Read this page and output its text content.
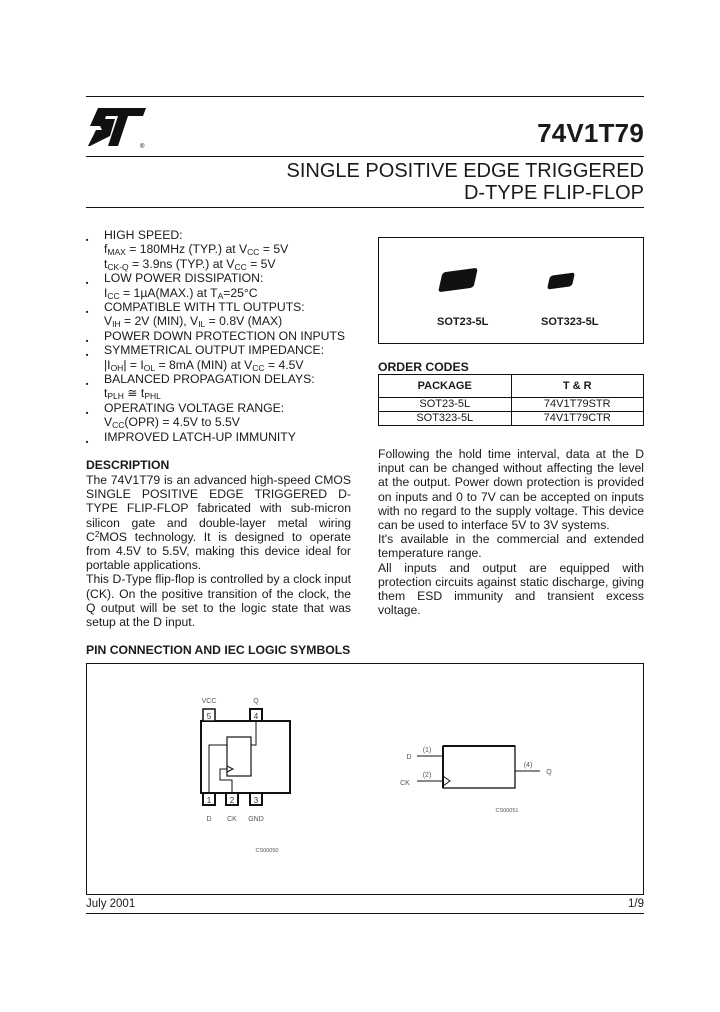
®	74V1T79
SINGLE POSITIVE EDGE TRIGGERED
D-TYPE FLIP-FLOP
■ HIGH SPEED:
$f_{MAX} = 180MHz$ (TYP.) at $V_{CC} = 5V$
$t_{CK-Q} = 3.9ns$ (TYP.) at $V_{CC} = 5V$
■ LOW POWER DISSIPATION:
$I_{CC} = 1\mu A(MAX.)$ at $T_A=25^\circ C$
■ COMPATIBLE WITH TTL OUTPUTS:
$V_{IH} = 2V$ (MIN), $V_{IL} = 0.8V$ (MAX)
■ POWER DOWN PROTECTION ON INPUTS
■ SYMMETRICAL OUTPUT IMPEDANCE:
$|I_{OH}| = I_{OL} = 8mA$ (MIN) at $V_{CC} = 4.5V$
■ BALANCED PROPAGATION DELAYS:
$t_{PLH}$ ≅ $t_{PHL}$
■ OPERATING VOLTAGE RANGE:
$V_{CC}(OPR) = 4.5V$ to 5.5V
■ IMPROVED LATCH-UP IMMUNITY
DESCRIPTION

The 74V1T79 is an advanced high-speed CMOS SINGLE POSITIVE EDGE TRIGGERED D-TYPE FLIP-FLOP fabricated with sub-micron silicon gate and double-layer metal wiring $C^2MOS$ technology. It is designed to operate from 4.5V to 5.5V, making this device ideal for portable applications.

This D-Type flip-flop is controlled by a clock input (CK). On the positive transition of the clock, the Q output will be set to the logic state that was setup at the D input.

SOT23-5L	SOT323-5L
ORDER CODES
PACKAGE	T & R
SOT23-5L	74V1T79STR
SOT323-5L	74V1T79CTR

Following the hold time interval, data at the D input can be changed without affecting the level at the output. Power down protection is provided on inputs and 0 to 7V can be accepted on inputs with no regard to the supply voltage. This device can be used to interface 5V to 3V systems.

It's available in the commercial and extended temperature range.

All inputs and output are equipped with protection circuits against static discharge, giving them ESD immunity and transient excess voltage.

PIN CONNECTION AND IEC LOGIC SYMBOLS
5	4
1 2 3
VCC	Q
D CK GND
CS00050
(1)
(2)
(4)
D
CK
Q
CS00051
July 2001	1/9
